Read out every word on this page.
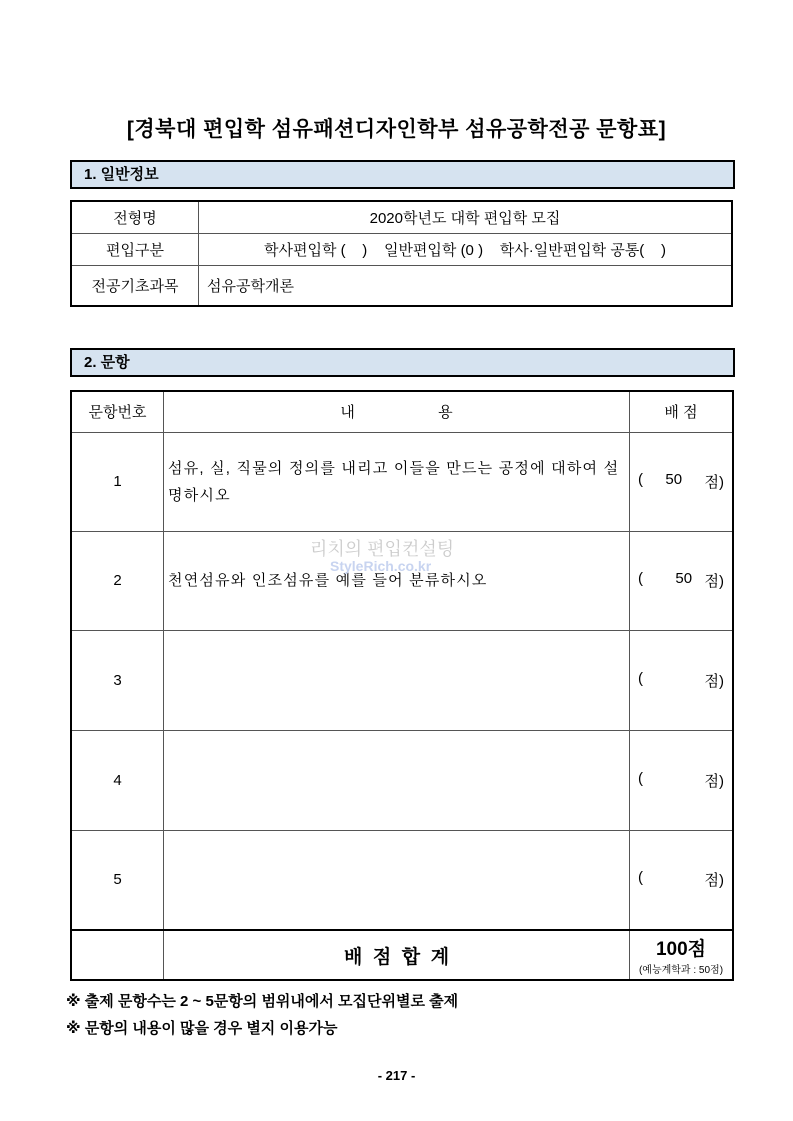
[경북대 편입학 섬유패션디자인학부 섬유공학전공 문항표]
1. 일반정보
전형명	2020학년도 대학 편입학 모집
편입구분	학사편입학 (    )    일반편입학 (0 )    학사·일반편입학 공통(    )
전공기초과목	섬유공학개론
2. 문항
문항번호	내                    용	배 점
1	섬유, 실, 직물의 정의를 내리고 이들을 만드는 공정에 대하여 설명하시오	( 50 점)

2	천연섬유와 인조섬유를 예를 들어 분류하시오	( 50 점)

3		( 점)

4		( 점)

5		( 점)

	배  점  합  계	100점
(예능계학과 : 50점)
리치의 편입컨설팅
StyleRich.co.kr
※ 출제 문항수는 2 ~ 5문항의 범위내에서 모집단위별로 출제
※ 문항의 내용이 많을 경우 별지 이용가능
- 217 -
